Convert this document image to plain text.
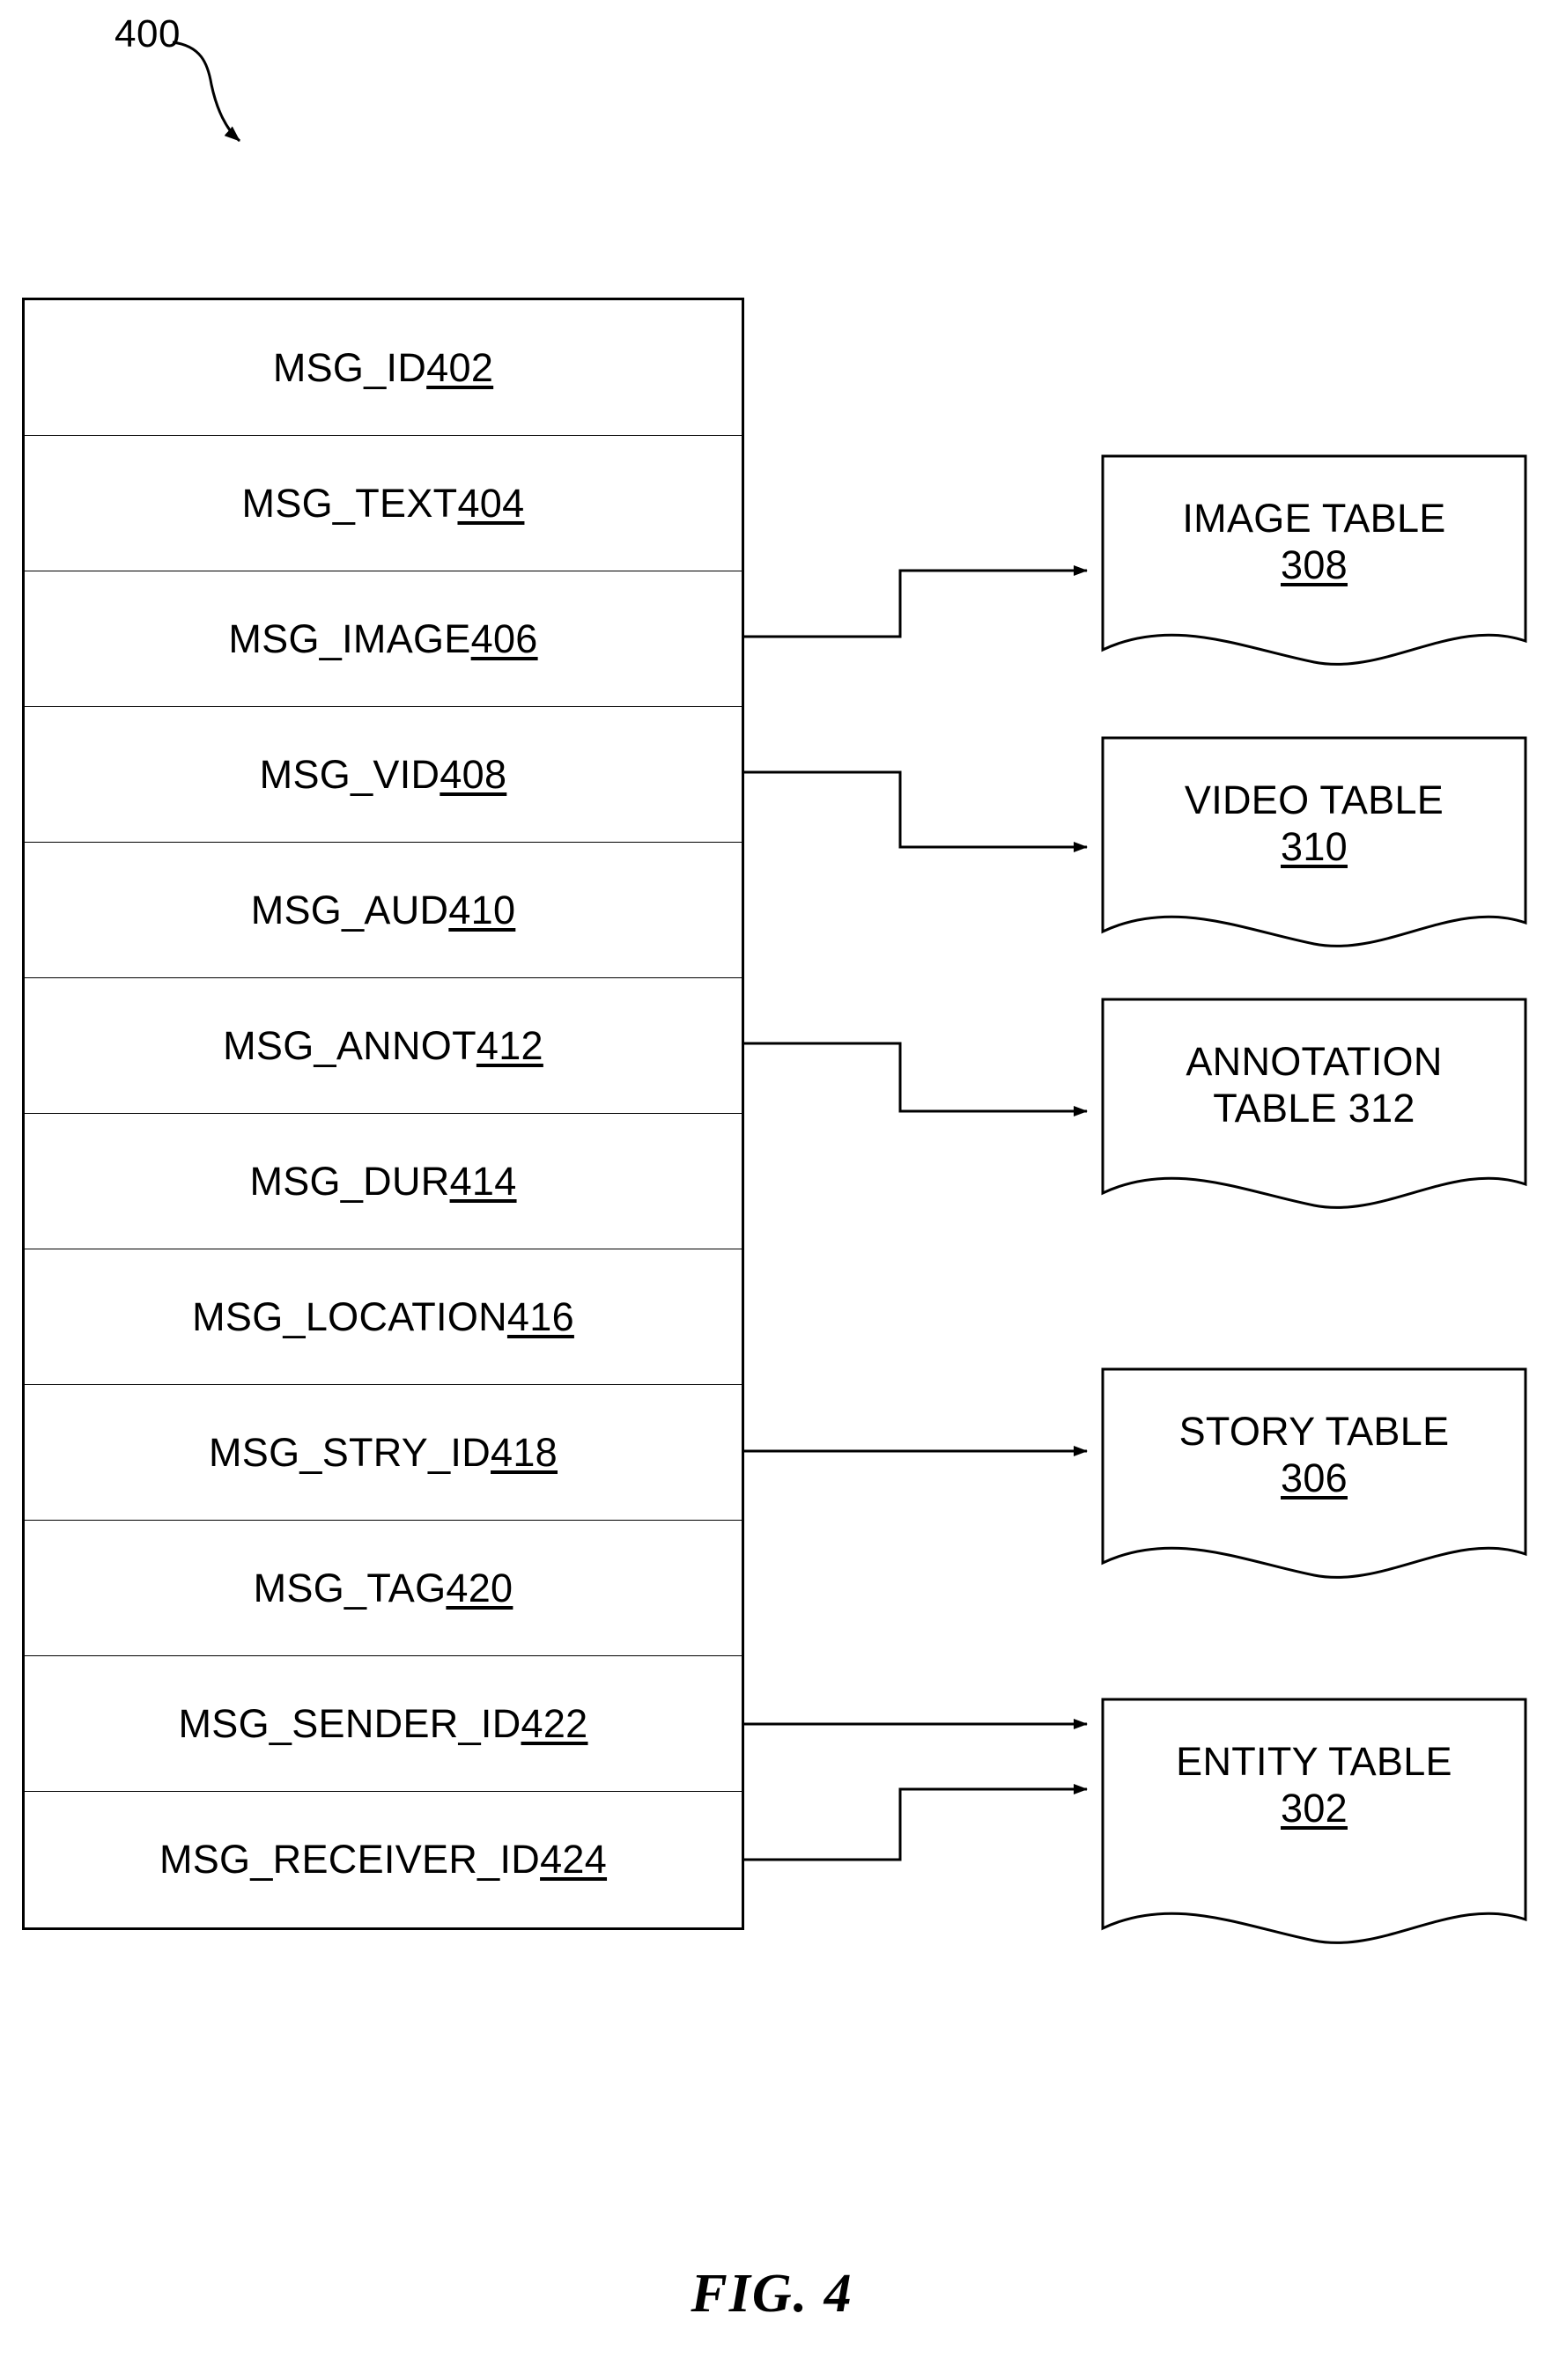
400
MSG_ID 402
MSG_TEXT 404
MSG_IMAGE 406
MSG_VID 408
MSG_AUD 410
MSG_ANNOT 412
MSG_DUR 414
MSG_LOCATION 416
MSG_STRY_ID 418
MSG_TAG 420
MSG_SENDER_ID 422
MSG_RECEIVER_ID 424
IMAGE TABLE
308
VIDEO TABLE
310
ANNOTATION
TABLE 312
STORY TABLE
306
ENTITY TABLE
302
FIG. 4
